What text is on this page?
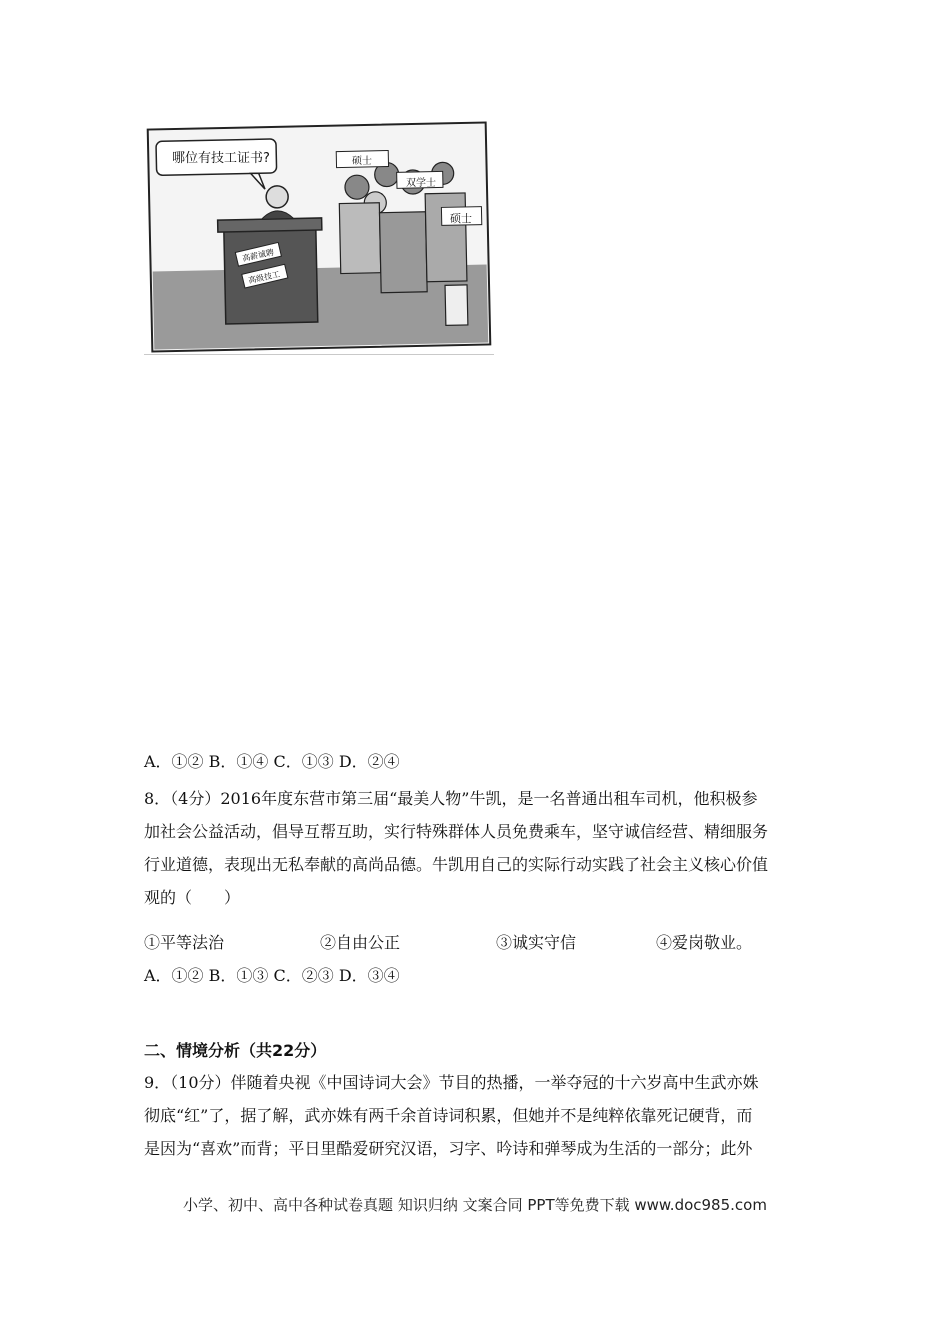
哪位有技工证书?
高薪诚聘
高级技工
硕士
双学士
硕士
A．①② B．①④ C．①③ D．②④
8．（4分）2016年度东营市第三届“最美人物”牛凯，是一名普通出租车司机，他积极参
加社会公益活动，倡导互帮互助，实行特殊群体人员免费乘车，坚守诚信经营、精细服务
行业道德，表现出无私奉献的高尚品德。牛凯用自己的实际行动实践了社会主义核心价值
观的（　　）
①平等法治	②自由公正	③诚实守信	④爱岗敬业。
A．①② B．①③ C．②③ D．③④
二、情境分析（共22分）
9．（10分）伴随着央视《中国诗词大会》节目的热播，一举夺冠的十六岁高中生武亦姝
彻底“红”了，据了解，武亦姝有两千余首诗词积累，但她并不是纯粹依靠死记硬背，而
是因为“喜欢”而背；平日里酷爱研究汉语，习字、吟诗和弹琴成为生活的一部分；此外
小学、初中、高中各种试卷真题 知识归纳 文案合同 PPT等免费下载 www.doc985.com
